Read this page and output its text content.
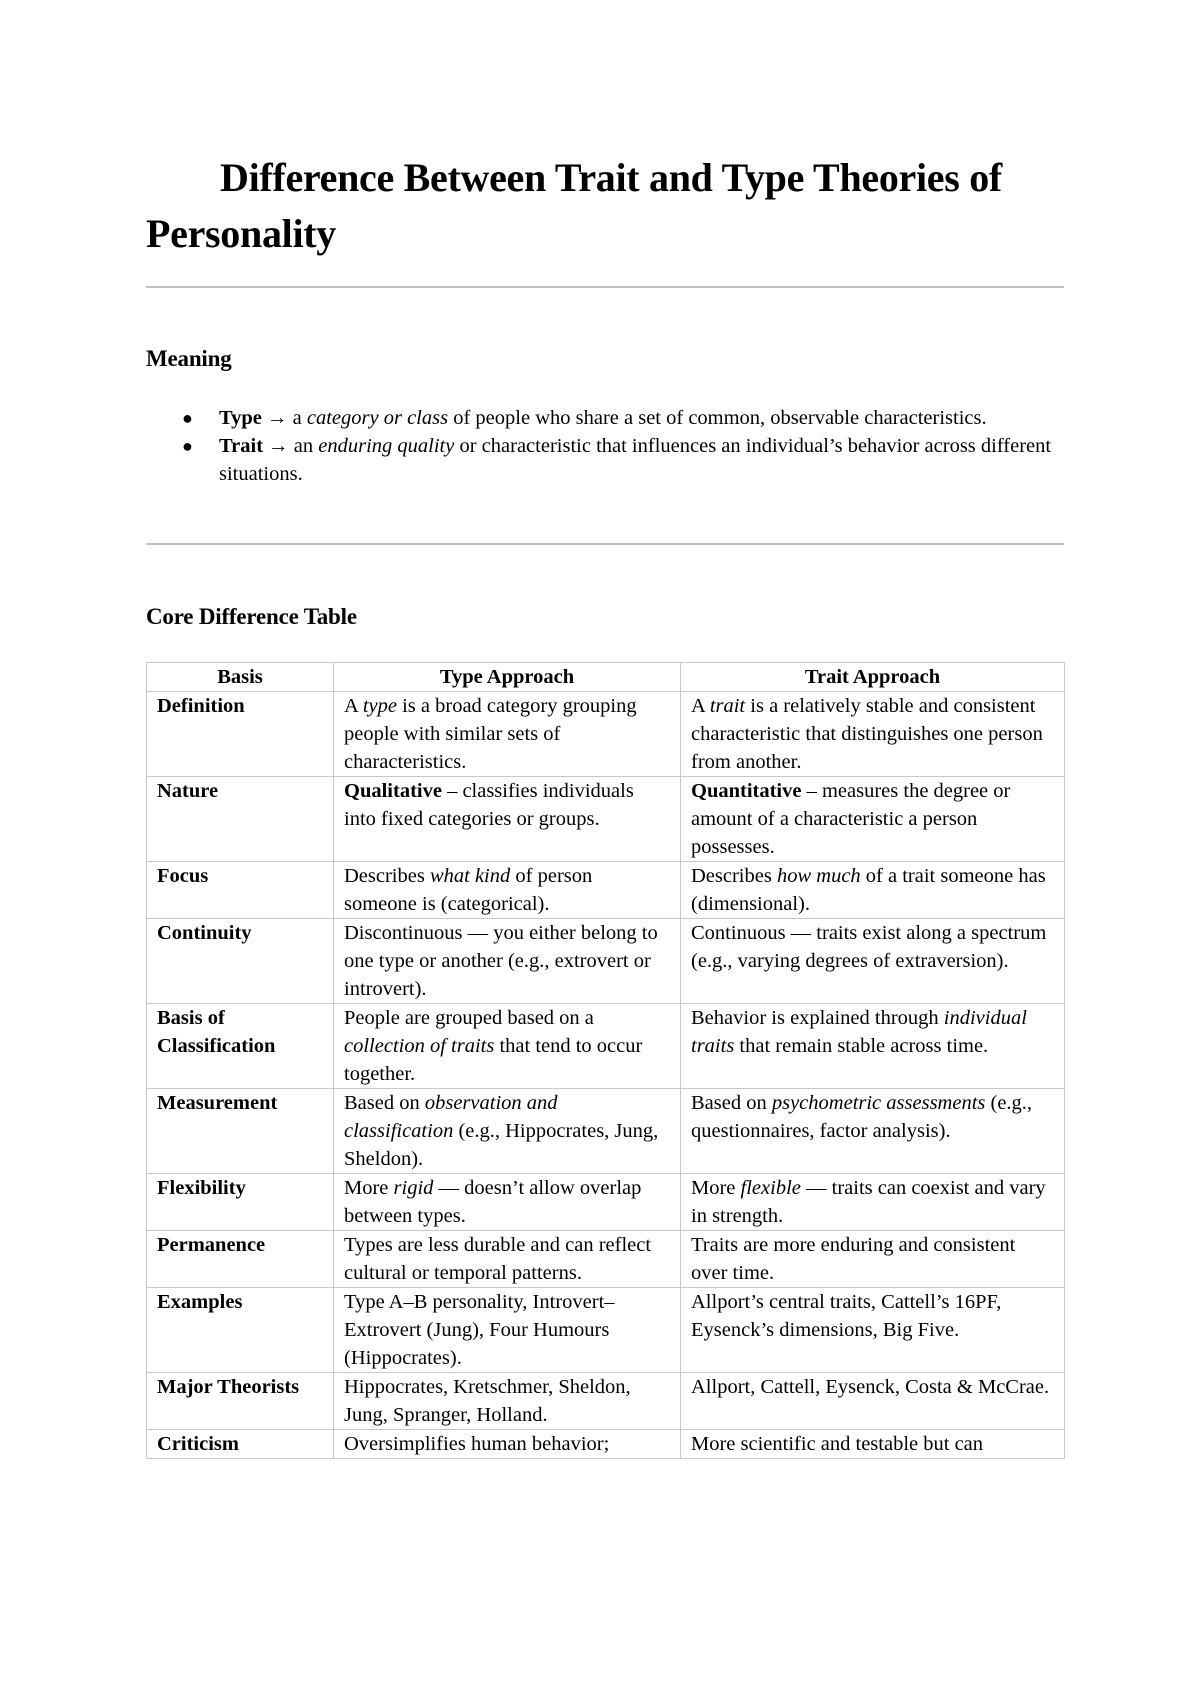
Difference Between Trait and Type Theories of Personality
Meaning
● Type → a category or class of people who share a set of common, observable characteristics.
● Trait → an enduring quality or characteristic that influences an individual’s behavior across different situations.
Core Difference Table
Basis	Type Approach	Trait Approach
Definition	A type is a broad category grouping people with similar sets of characteristics.	A trait is a relatively stable and consistent characteristic that distinguishes one person from another.
Nature	Qualitative – classifies individuals into fixed categories or groups.	Quantitative – measures the degree or amount of a characteristic a person possesses.
Focus	Describes what kind of person someone is (categorical).	Describes how much of a trait someone has (dimensional).
Continuity	Discontinuous — you either belong to one type or another (e.g., extrovert or introvert).	Continuous — traits exist along a spectrum (e.g., varying degrees of extraversion).
Basis of Classification	People are grouped based on a collection of traits that tend to occur together.	Behavior is explained through individual traits that remain stable across time.
Measurement	Based on observation and classification (e.g., Hippocrates, Jung, Sheldon).	Based on psychometric assessments (e.g., questionnaires, factor analysis).
Flexibility	More rigid — doesn’t allow overlap between types.	More flexible — traits can coexist and vary in strength.
Permanence	Types are less durable and can reflect cultural or temporal patterns.	Traits are more enduring and consistent over time.
Examples	Type A–B personality, Introvert–Extrovert (Jung), Four Humours (Hippocrates).	Allport’s central traits, Cattell’s 16PF, Eysenck’s dimensions, Big Five.
Major Theorists	Hippocrates, Kretschmer, Sheldon, Jung, Spranger, Holland.	Allport, Cattell, Eysenck, Costa & McCrae.
Criticism	Oversimplifies human behavior;	More scientific and testable but can
